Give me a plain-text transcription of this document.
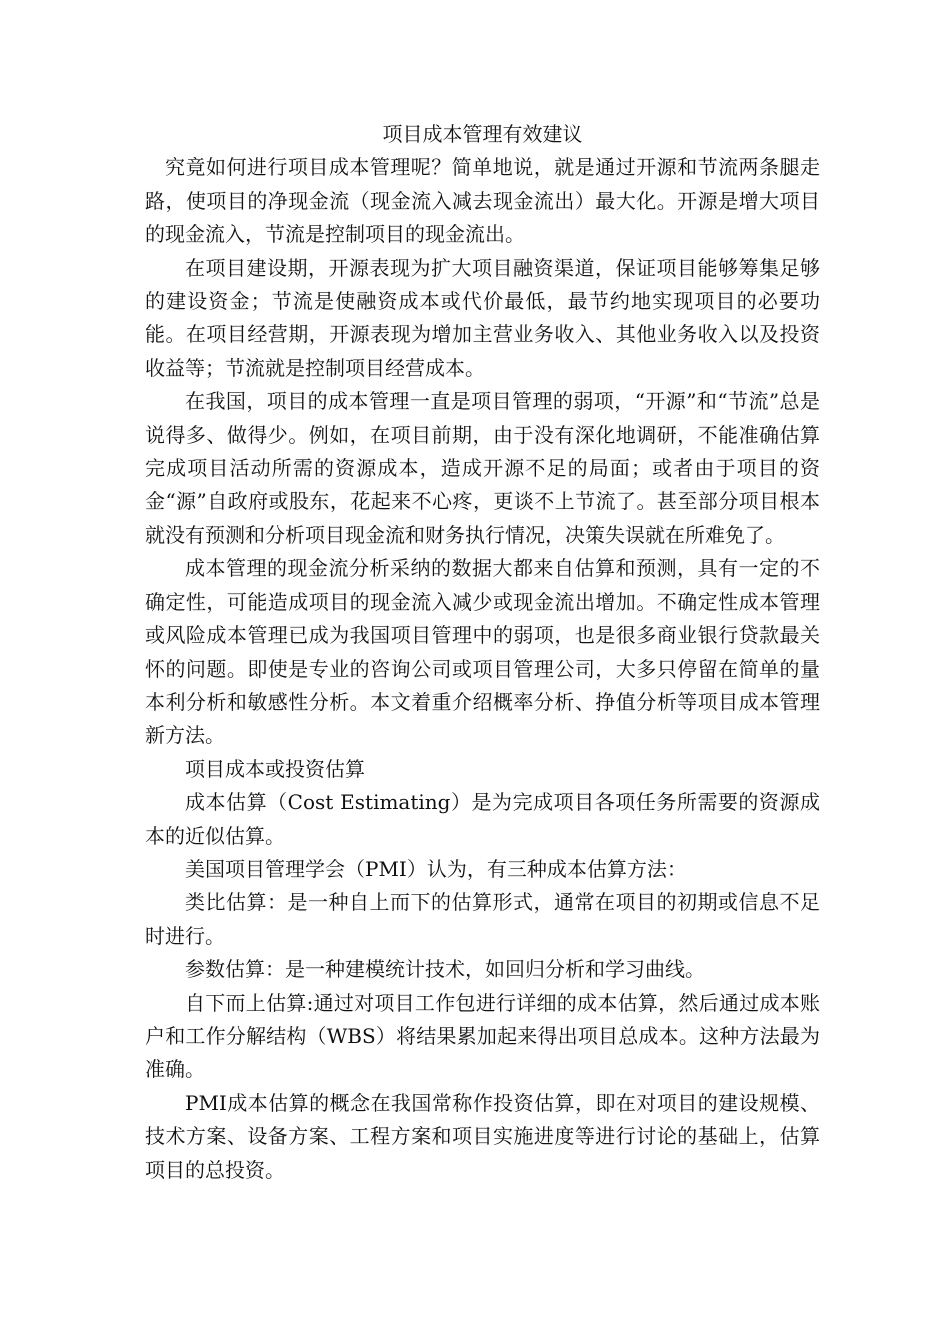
项目成本管理有效建议

究竟如何进行项目成本管理呢？简单地说，就是通过开源和节流两条腿走路，使项目的净现金流（现金流入减去现金流出）最大化。开源是增大项目的现金流入，节流是控制项目的现金流出。

在项目建设期，开源表现为扩大项目融资渠道，保证项目能够筹集足够的建设资金；节流是使融资成本或代价最低，最节约地实现项目的必要功能。在项目经营期，开源表现为增加主营业务收入、其他业务收入以及投资收益等；节流就是控制项目经营成本。

在我国，项目的成本管理一直是项目管理的弱项，“开源”和“节流”总是说得多、做得少。例如，在项目前期，由于没有深化地调研，不能准确估算完成项目活动所需的资源成本，造成开源不足的局面；或者由于项目的资金“源”自政府或股东，花起来不心疼，更谈不上节流了。甚至部分项目根本就没有预测和分析项目现金流和财务执行情况，决策失误就在所难免了。

成本管理的现金流分析采纳的数据大都来自估算和预测，具有一定的不确定性，可能造成项目的现金流入减少或现金流出增加。不确定性成本管理或风险成本管理已成为我国项目管理中的弱项，也是很多商业银行贷款最关怀的问题。即使是专业的咨询公司或项目管理公司，大多只停留在简单的量本利分析和敏感性分析。本文着重介绍概率分析、挣值分析等项目成本管理新方法。

项目成本或投资估算

成本估算（Cost Estimating）是为完成项目各项任务所需要的资源成本的近似估算。

美国项目管理学会（PMI）认为，有三种成本估算方法：

类比估算：是一种自上而下的估算形式，通常在项目的初期或信息不足时进行。

参数估算：是一种建模统计技术，如回归分析和学习曲线。

自下而上估算:通过对项目工作包进行详细的成本估算，然后通过成本账户和工作分解结构（WBS）将结果累加起来得出项目总成本。这种方法最为准确。

PMI成本估算的概念在我国常称作投资估算，即在对项目的建设规模、技术方案、设备方案、工程方案和项目实施进度等进行讨论的基础上，估算项目的总投资。
